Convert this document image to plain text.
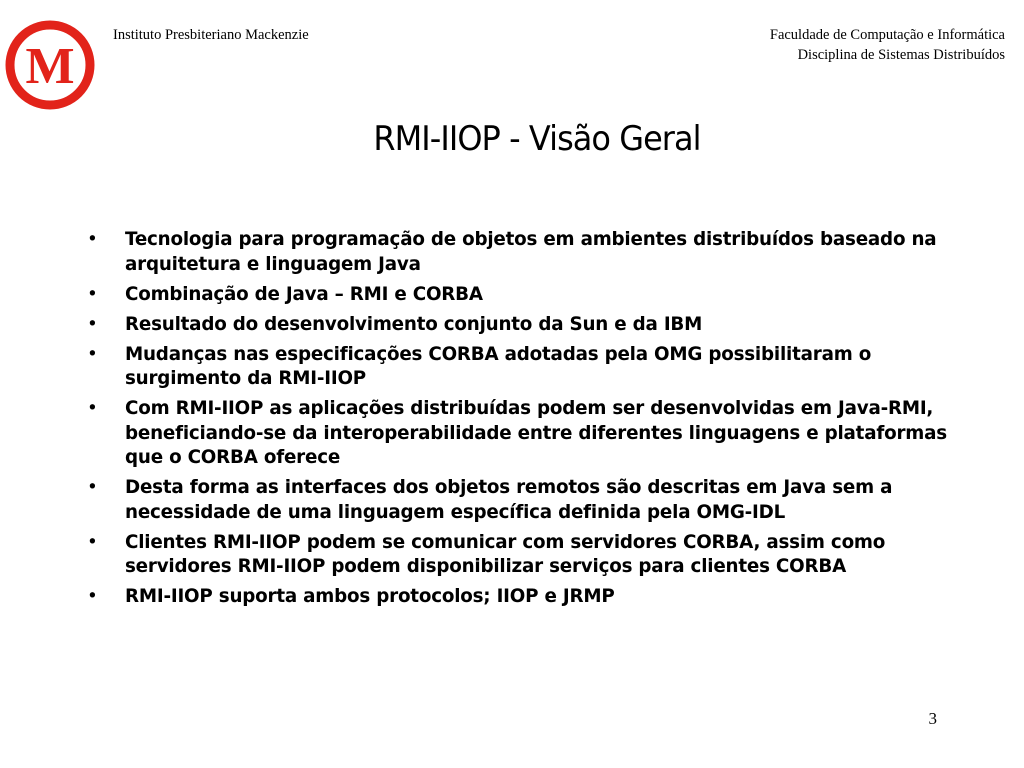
M
Instituto Presbiteriano Mackenzie	Faculdade de Computação e Informática
Disciplina de Sistemas Distribuídos
RMI-IIOP - Visão Geral
• Tecnologia para programação de objetos em ambientes distribuídos baseado na arquitetura e linguagem Java
• Combinação de Java – RMI e CORBA
• Resultado do desenvolvimento conjunto da Sun e da IBM
• Mudanças nas especificações CORBA adotadas pela OMG possibilitaram o surgimento da RMI-IIOP
• Com RMI-IIOP as aplicações distribuídas podem ser desenvolvidas em Java-RMI, beneficiando-se da interoperabilidade entre diferentes linguagens e plataformas que o CORBA oferece
• Desta forma as interfaces dos objetos remotos são descritas em Java sem a necessidade de uma linguagem específica definida pela OMG-IDL
• Clientes RMI-IIOP podem se comunicar com servidores CORBA, assim como servidores RMI-IIOP podem disponibilizar serviços para clientes CORBA
• RMI-IIOP suporta ambos protocolos; IIOP e JRMP
3
